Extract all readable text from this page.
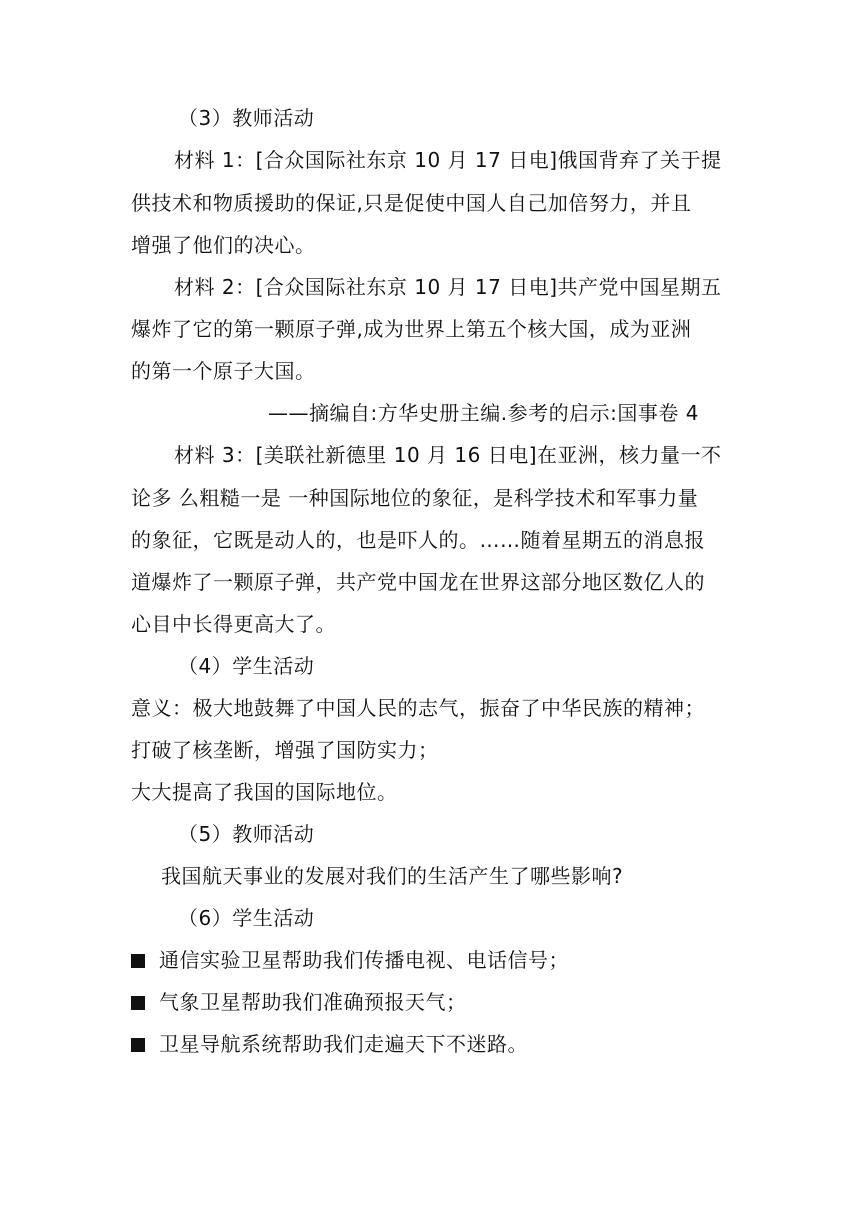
（3）教师活动
材料 1：[合众国际社东京 10 月 17 日电]俄国背弃了关于提
供技术和物质援助的保证,只是促使中国人自己加倍努力，并且
增强了他们的决心。
材料 2：[合众国际社东京 10 月 17 日电]共产党中国星期五
爆炸了它的第一颗原子弹,成为世界上第五个核大国，成为亚洲
的第一个原子大国。
——摘编自:方华史册主编.参考的启示:国事卷 4
材料 3：[美联社新德里 10 月 16 日电]在亚洲，核力量一不
论多 么粗糙一是 一种国际地位的象征，是科学技术和军事力量
的象征，它既是动人的，也是吓人的。……随着星期五的消息报
道爆炸了一颗原子弹，共产党中国龙在世界这部分地区数亿人的
心目中长得更高大了。
（4）学生活动
意义：极大地鼓舞了中国人民的志气，振奋了中华民族的精神；
打破了核垄断，增强了国防实力；
大大提高了我国的国际地位。
（5）教师活动
我国航天事业的发展对我们的生活产生了哪些影响?
（6）学生活动
通信实验卫星帮助我们传播电视、电话信号；
气象卫星帮助我们准确预报天气；
卫星导航系统帮助我们走遍天下不迷路。
